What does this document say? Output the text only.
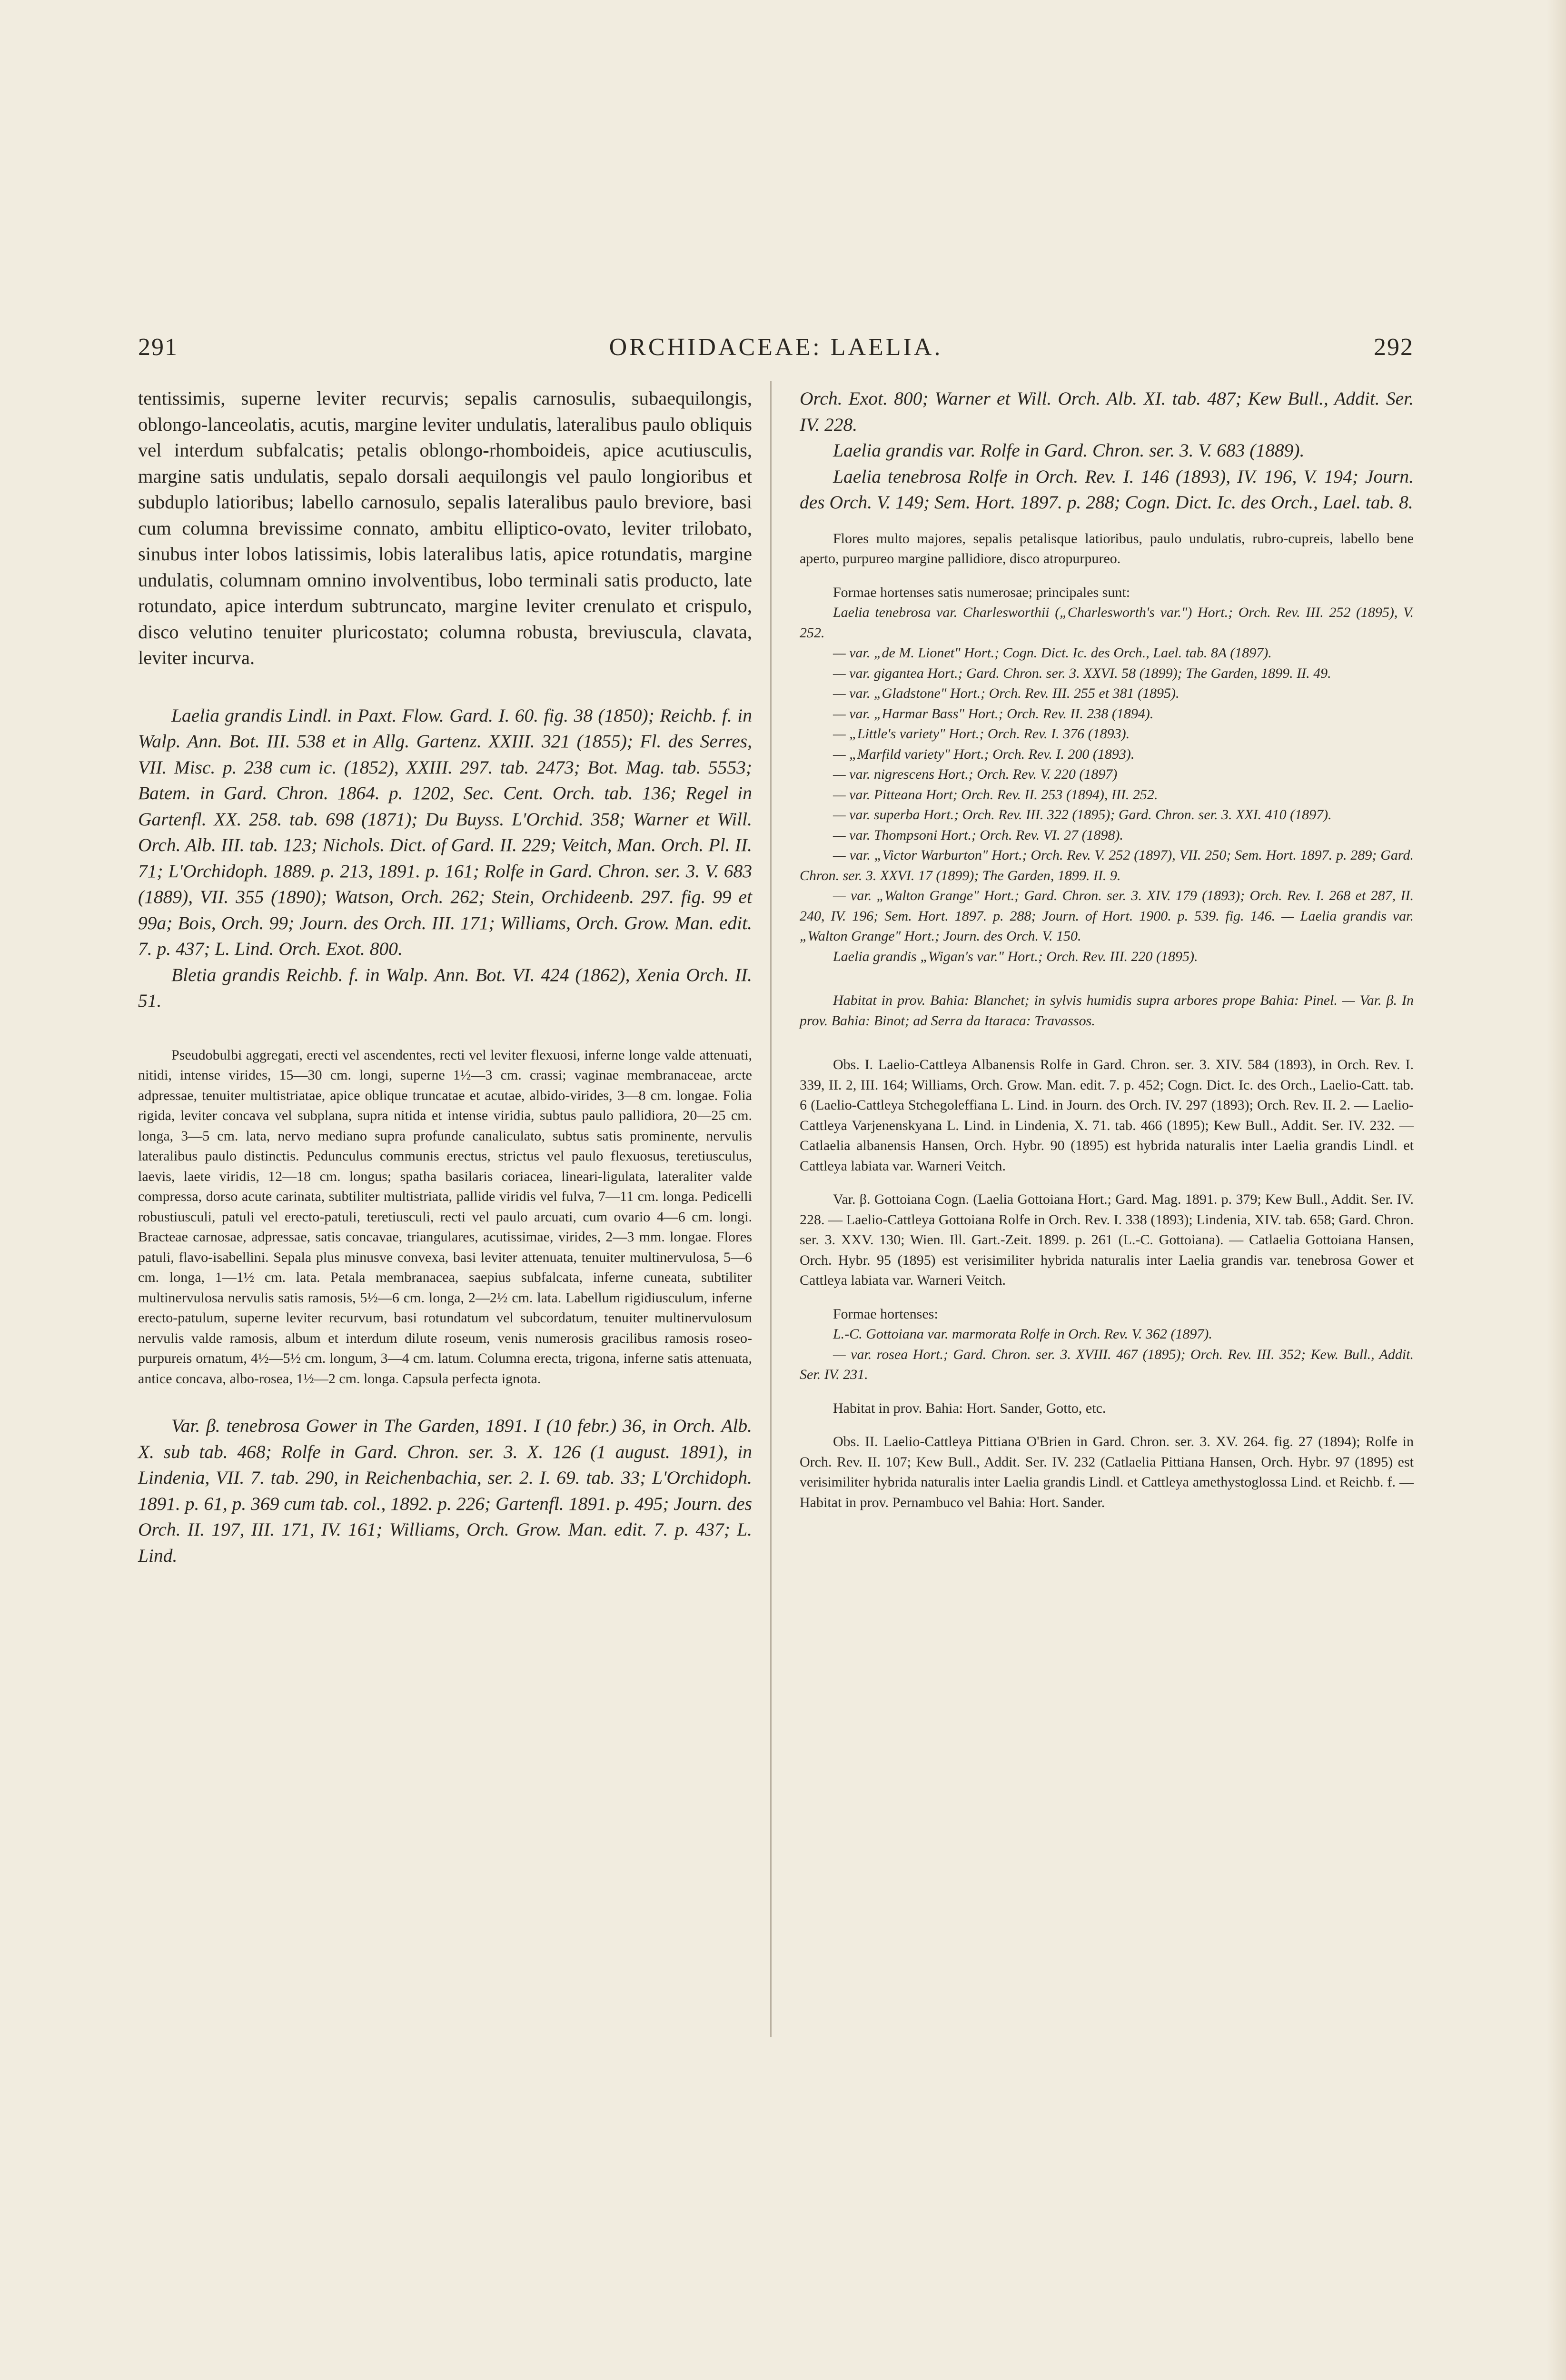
291	ORCHIDACEAE: LAELIA.	292

tentissimis, superne leviter recurvis; sepalis carnosulis, subaequilongis, oblongo-lanceolatis, acutis, margine leviter undulatis, lateralibus paulo obliquis vel interdum subfalcatis; petalis oblongo-rhomboideis, apice acutiusculis, margine satis undulatis, sepalo dorsali aequilongis vel paulo longioribus et subduplo latioribus; labello carnosulo, sepalis lateralibus paulo breviore, basi cum columna brevissime connato, ambitu elliptico-ovato, leviter trilobato, sinubus inter lobos latissimis, lobis lateralibus latis, apice rotundatis, margine undulatis, columnam omnino involventibus, lobo terminali satis producto, late rotundato, apice interdum subtruncato, margine leviter crenulato et crispulo, disco velutino tenuiter pluricostato; columna robusta, breviuscula, clavata, leviter incurva.

Laelia grandis Lindl. in Paxt. Flow. Gard. I. 60. fig. 38 (1850); Reichb. f. in Walp. Ann. Bot. III. 538 et in Allg. Gartenz. XXIII. 321 (1855); Fl. des Serres, VII. Misc. p. 238 cum ic. (1852), XXIII. 297. tab. 2473; Bot. Mag. tab. 5553; Batem. in Gard. Chron. 1864. p. 1202, Sec. Cent. Orch. tab. 136; Regel in Gartenfl. XX. 258. tab. 698 (1871); Du Buyss. L'Orchid. 358; Warner et Will. Orch. Alb. III. tab. 123; Nichols. Dict. of Gard. II. 229; Veitch, Man. Orch. Pl. II. 71; L'Orchidoph. 1889. p. 213, 1891. p. 161; Rolfe in Gard. Chron. ser. 3. V. 683 (1889), VII. 355 (1890); Watson, Orch. 262; Stein, Orchideenb. 297. fig. 99 et 99a; Bois, Orch. 99; Journ. des Orch. III. 171; Williams, Orch. Grow. Man. edit. 7. p. 437; L. Lind. Orch. Exot. 800.

Bletia grandis Reichb. f. in Walp. Ann. Bot. VI. 424 (1862), Xenia Orch. II. 51.

Pseudobulbi aggregati, erecti vel ascendentes, recti vel leviter flexuosi, inferne longe valde attenuati, nitidi, intense virides, 15—30 cm. longi, superne 1½—3 cm. crassi; vaginae membranaceae, arcte adpressae, tenuiter multistriatae, apice oblique truncatae et acutae, albido-virides, 3—8 cm. longae. Folia rigida, leviter concava vel subplana, supra nitida et intense viridia, subtus paulo pallidiora, 20—25 cm. longa, 3—5 cm. lata, nervo mediano supra profunde canaliculato, subtus satis prominente, nervulis lateralibus paulo distinctis. Pedunculus communis erectus, strictus vel paulo flexuosus, teretiusculus, laevis, laete viridis, 12—18 cm. longus; spatha basilaris coriacea, lineari-ligulata, lateraliter valde compressa, dorso acute carinata, subtiliter multistriata, pallide viridis vel fulva, 7—11 cm. longa. Pedicelli robustiusculi, patuli vel erecto-patuli, teretiusculi, recti vel paulo arcuati, cum ovario 4—6 cm. longi. Bracteae carnosae, adpressae, satis concavae, triangulares, acutissimae, virides, 2—3 mm. longae. Flores patuli, flavo-isabellini. Sepala plus minusve convexa, basi leviter attenuata, tenuiter multinervulosa, 5—6 cm. longa, 1—1½ cm. lata. Petala membranacea, saepius subfalcata, inferne cuneata, subtiliter multinervulosa nervulis satis ramosis, 5½—6 cm. longa, 2—2½ cm. lata. Labellum rigidiusculum, inferne erecto-patulum, superne leviter recurvum, basi rotundatum vel subcordatum, tenuiter multinervulosum nervulis valde ramosis, album et interdum dilute roseum, venis numerosis gracilibus ramosis roseo-purpureis ornatum, 4½—5½ cm. longum, 3—4 cm. latum. Columna erecta, trigona, inferne satis attenuata, antice concava, albo-rosea, 1½—2 cm. longa. Capsula perfecta ignota.

Var. β. tenebrosa Gower in The Garden, 1891. I (10 febr.) 36, in Orch. Alb. X. sub tab. 468; Rolfe in Gard. Chron. ser. 3. X. 126 (1 august. 1891), in Lindenia, VII. 7. tab. 290, in Reichenbachia, ser. 2. I. 69. tab. 33; L'Orchidoph. 1891. p. 61, p. 369 cum tab. col., 1892. p. 226; Gartenfl. 1891. p. 495; Journ. des Orch. II. 197, III. 171, IV. 161; Williams, Orch. Grow. Man. edit. 7. p. 437; L. Lind.

Orch. Exot. 800; Warner et Will. Orch. Alb. XI. tab. 487; Kew Bull., Addit. Ser. IV. 228.

Laelia grandis var. Rolfe in Gard. Chron. ser. 3. V. 683 (1889).

Laelia tenebrosa Rolfe in Orch. Rev. I. 146 (1893), IV. 196, V. 194; Journ. des Orch. V. 149; Sem. Hort. 1897. p. 288; Cogn. Dict. Ic. des Orch., Lael. tab. 8.

Flores multo majores, sepalis petalisque latioribus, paulo undulatis, rubro-cupreis, labello bene aperto, purpureo margine pallidiore, disco atropurpureo.

Formae hortenses satis numerosae; principales sunt:

Laelia tenebrosa var. Charlesworthii („Charlesworth's var.") Hort.; Orch. Rev. III. 252 (1895), V. 252.

— var. „de M. Lionet" Hort.; Cogn. Dict. Ic. des Orch., Lael. tab. 8A (1897).

— var. gigantea Hort.; Gard. Chron. ser. 3. XXVI. 58 (1899); The Garden, 1899. II. 49.

— var. „Gladstone" Hort.; Orch. Rev. III. 255 et 381 (1895).

— var. „Harmar Bass" Hort.; Orch. Rev. II. 238 (1894).

— „Little's variety" Hort.; Orch. Rev. I. 376 (1893).

— „Marfild variety" Hort.; Orch. Rev. I. 200 (1893).

— var. nigrescens Hort.; Orch. Rev. V. 220 (1897)

— var. Pitteana Hort; Orch. Rev. II. 253 (1894), III. 252.

— var. superba Hort.; Orch. Rev. III. 322 (1895); Gard. Chron. ser. 3. XXI. 410 (1897).

— var. Thompsoni Hort.; Orch. Rev. VI. 27 (1898).

— var. „Victor Warburton" Hort.; Orch. Rev. V. 252 (1897), VII. 250; Sem. Hort. 1897. p. 289; Gard. Chron. ser. 3. XXVI. 17 (1899); The Garden, 1899. II. 9.

— var. „Walton Grange" Hort.; Gard. Chron. ser. 3. XIV. 179 (1893); Orch. Rev. I. 268 et 287, II. 240, IV. 196; Sem. Hort. 1897. p. 288; Journ. of Hort. 1900. p. 539. fig. 146. — Laelia grandis var. „Walton Grange" Hort.; Journ. des Orch. V. 150.

Laelia grandis „Wigan's var." Hort.; Orch. Rev. III. 220 (1895).

Habitat in prov. Bahia: Blanchet; in sylvis humidis supra arbores prope Bahia: Pinel. — Var. β. In prov. Bahia: Binot; ad Serra da Itaraca: Travassos.

Obs. I. Laelio-Cattleya Albanensis Rolfe in Gard. Chron. ser. 3. XIV. 584 (1893), in Orch. Rev. I. 339, II. 2, III. 164; Williams, Orch. Grow. Man. edit. 7. p. 452; Cogn. Dict. Ic. des Orch., Laelio-Catt. tab. 6 (Laelio-Cattleya Stchegoleffiana L. Lind. in Journ. des Orch. IV. 297 (1893); Orch. Rev. II. 2. — Laelio-Cattleya Varjenenskyana L. Lind. in Lindenia, X. 71. tab. 466 (1895); Kew Bull., Addit. Ser. IV. 232. — Catlaelia albanensis Hansen, Orch. Hybr. 90 (1895) est hybrida naturalis inter Laelia grandis Lindl. et Cattleya labiata var. Warneri Veitch.

Var. β. Gottoiana Cogn. (Laelia Gottoiana Hort.; Gard. Mag. 1891. p. 379; Kew Bull., Addit. Ser. IV. 228. — Laelio-Cattleya Gottoiana Rolfe in Orch. Rev. I. 338 (1893); Lindenia, XIV. tab. 658; Gard. Chron. ser. 3. XXV. 130; Wien. Ill. Gart.-Zeit. 1899. p. 261 (L.-C. Gottoiana). — Catlaelia Gottoiana Hansen, Orch. Hybr. 95 (1895) est verisimiliter hybrida naturalis inter Laelia grandis var. tenebrosa Gower et Cattleya labiata var. Warneri Veitch.

Formae hortenses:

L.-C. Gottoiana var. marmorata Rolfe in Orch. Rev. V. 362 (1897).

— var. rosea Hort.; Gard. Chron. ser. 3. XVIII. 467 (1895); Orch. Rev. III. 352; Kew. Bull., Addit. Ser. IV. 231.

Habitat in prov. Bahia: Hort. Sander, Gotto, etc.

Obs. II. Laelio-Cattleya Pittiana O'Brien in Gard. Chron. ser. 3. XV. 264. fig. 27 (1894); Rolfe in Orch. Rev. II. 107; Kew Bull., Addit. Ser. IV. 232 (Catlaelia Pittiana Hansen, Orch. Hybr. 97 (1895) est verisimiliter hybrida naturalis inter Laelia grandis Lindl. et Cattleya amethystoglossa Lind. et Reichb. f. — Habitat in prov. Pernambuco vel Bahia: Hort. Sander.
